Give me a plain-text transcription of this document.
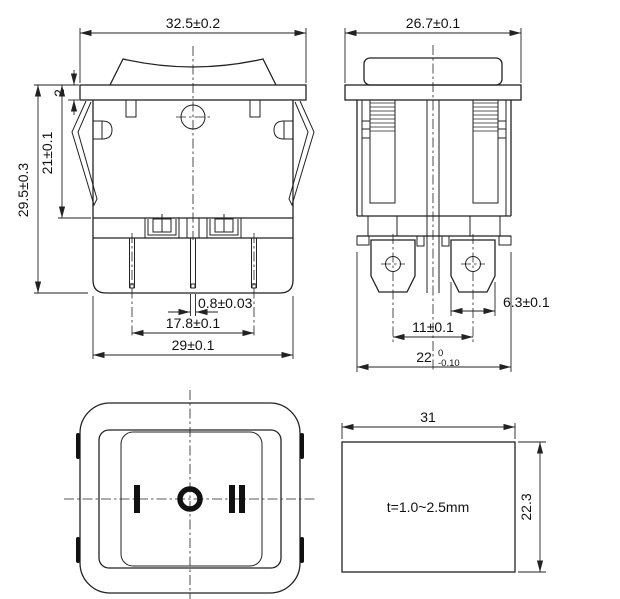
32.5±0.2
2
29.5±0.3
21±0.1
0.8±0.03
17.8±0.1
29±0.1
26.7±0.1
6.3±0.1
11±0.1
22 0
-0.10
t=1.0~2.5mm
31
22.3
